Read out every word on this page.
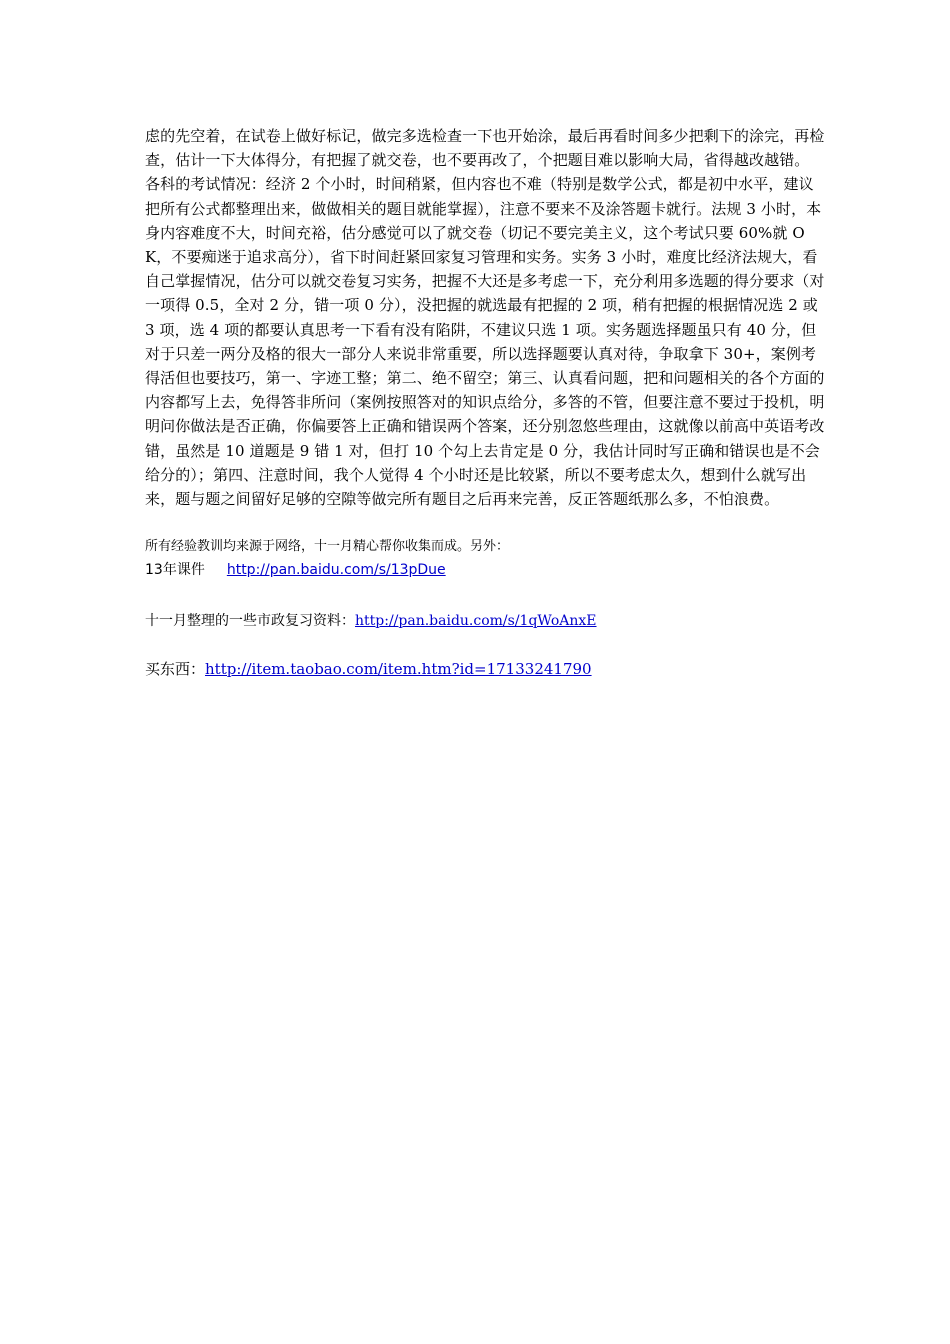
虑的先空着，在试卷上做好标记，做完多选检查一下也开始涂，最后再看时间多少把剩下的涂完，再检查，估计一下大体得分，有把握了就交卷，也不要再改了，个把题目难以影响大局，省得越改越错。

各科的考试情况：经济 2 个小时，时间稍紧，但内容也不难（特别是数学公式，都是初中水平，建议把所有公式都整理出来，做做相关的题目就能掌握），注意不要来不及涂答题卡就行。法规 3 小时，本身内容难度不大，时间充裕，估分感觉可以了就交卷（切记不要完美主义，这个考试只要 60%就 OK，不要痴迷于追求高分），省下时间赶紧回家复习管理和实务。实务 3 小时，难度比经济法规大，看自己掌握情况，估分可以就交卷复习实务，把握不大还是多考虑一下，充分利用多选题的得分要求（对一项得 0.5，全对 2 分，错一项 0 分），没把握的就选最有把握的 2 项，稍有把握的根据情况选 2 或 3 项，选 4 项的都要认真思考一下看有没有陷阱，不建议只选 1 项。实务题选择题虽只有 40 分，但对于只差一两分及格的很大一部分人来说非常重要，所以选择题要认真对待，争取拿下 30+，案例考得活但也要技巧，第一、字迹工整；第二、绝不留空；第三、认真看问题，把和问题相关的各个方面的内容都写上去，免得答非所问（案例按照答对的知识点给分，多答的不管，但要注意不要过于投机，明明问你做法是否正确，你偏要答上正确和错误两个答案，还分别忽悠些理由，这就像以前高中英语考改错，虽然是 10 道题是 9 错 1 对，但打 10 个勾上去肯定是 0 分，我估计同时写正确和错误也是不会给分的）；第四、注意时间，我个人觉得 4 个小时还是比较紧，所以不要考虑太久，想到什么就写出来，题与题之间留好足够的空隙等做完所有题目之后再来完善，反正答题纸那么多，不怕浪费。

所有经验教训均来源于网络，十一月精心帮你收集而成。另外：
13年课件 http://pan.baidu.com/s/13pDue
十一月整理的一些市政复习资料：http://pan.baidu.com/s/1qWoAnxE
买东西：http://item.taobao.com/item.htm?id=17133241790
